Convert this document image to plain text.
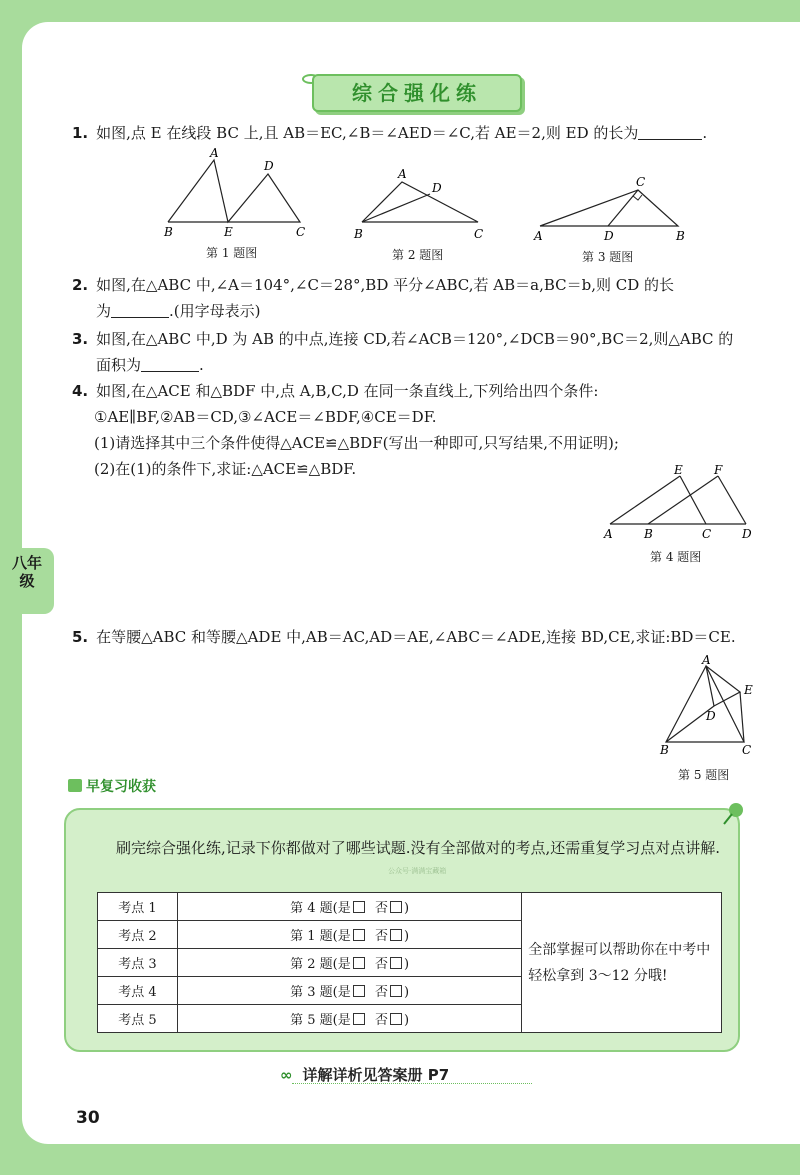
综合强化练
1. 如图,点 E 在线段 BC 上,且 AB＝EC,∠B＝∠AED＝∠C,若 AE＝2,则 ED 的长为	.
A
D
B	E	C
第 1 题图
A
D
B	C
第 2 题图
C
A	D	B
第 3 题图
2. 如图,在△ABC 中,∠A＝104°,∠C＝28°,BD 平分∠ABC,若 AB＝a,BC＝b,则 CD 的长
为	.(用字母表示)
3. 如图,在△ABC 中,D 为 AB 的中点,连接 CD,若∠ACB＝120°,∠DCB＝90°,BC＝2,则△ABC 的
面积为	.
4. 如图,在△ACE 和△BDF 中,点 A,B,C,D 在同一条直线上,下列给出四个条件:
①AE∥BF,②AB＝CD,③∠ACE＝∠BDF,④CE＝DF.
(1)请选择其中三个条件使得△ACE≌△BDF(写出一种即可,只写结果,不用证明);
(2)在(1)的条件下,求证:△ACE≌△BDF.	E	F
A	B	C	D
第 4 题图
八年
级
5. 在等腰△ABC 和等腰△ADE 中,AB＝AC,AD＝AE,∠ABC＝∠ADE,连接 BD,CE,求证:BD＝CE.
A
E
D
B	C
第 5 题图
早复习收获
刷完综合强化练,记录下你都做对了哪些试题.没有全部做对的考点,还需重复学习点对点讲解.
公众号·满满宝藏箱
考点 1	第 4 题(是 否 )	全部掌握可以帮助你在中考中轻松拿到 3～12 分哦!
考点 2	第 1 题(是 否 )	
考点 3	第 2 题(是 否 )	
考点 4	第 3 题(是 否 )	
考点 5	第 5 题(是 否 )	
∞ 详解详析见答案册 P7
30
